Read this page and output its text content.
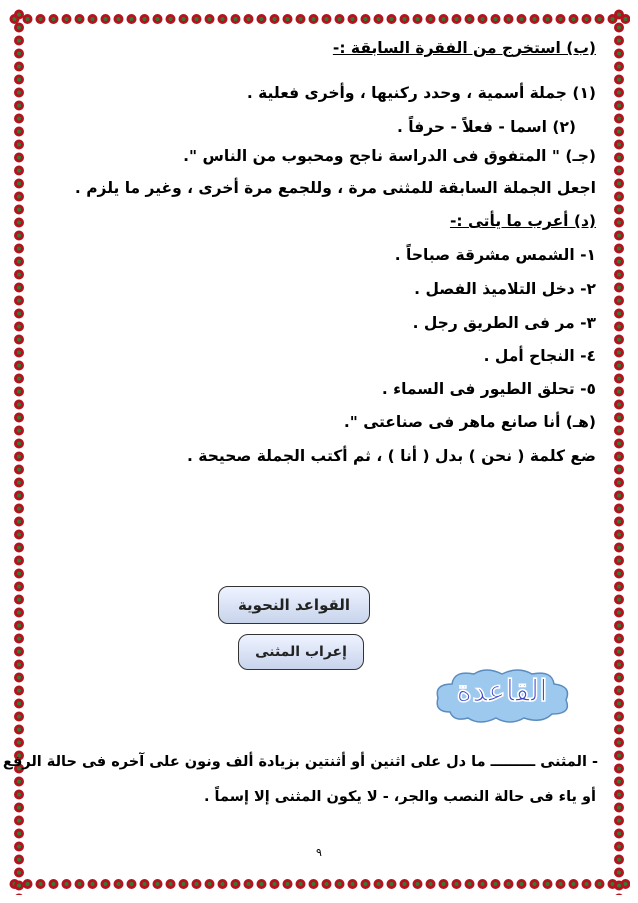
(ب) استخرج من الفقرة السابقة :-
(١) جملة أسمية ، وحدد ركنيها ، وأخرى فعلية .
(٢) اسما - فعلاً - حرفاً .
(جـ) " المتفوق فى الدراسة ناجح ومحبوب من الناس ".
اجعل الجملة السابقة للمثنى مرة ، وللجمع مرة أخرى ، وغير ما يلزم .
(د) أعرب ما يأتى :-
١- الشمس مشرقة صباحاً .
٢- دخل التلاميذ الفصل .
٣- مر فى الطريق رجل .
٤- النجاح أمل .
٥- تحلق الطيور فى السماء .
(هـ) أنا صانع ماهر فى صناعتى ".
ضع كلمة ( نحن ) بدل ( أنا ) ، ثم أكتب الجملة صحيحة .
القواعد النحوية
إعراب المثنى
القاعدة
- المثنى ـــــــــ ما دل على اثنين أو أثنتين بزيادة ألف ونون على آخره فى حالة الرفع
أو ياء فى حالة النصب والجر، - لا يكون المثنى إلا إسماً .
٩
